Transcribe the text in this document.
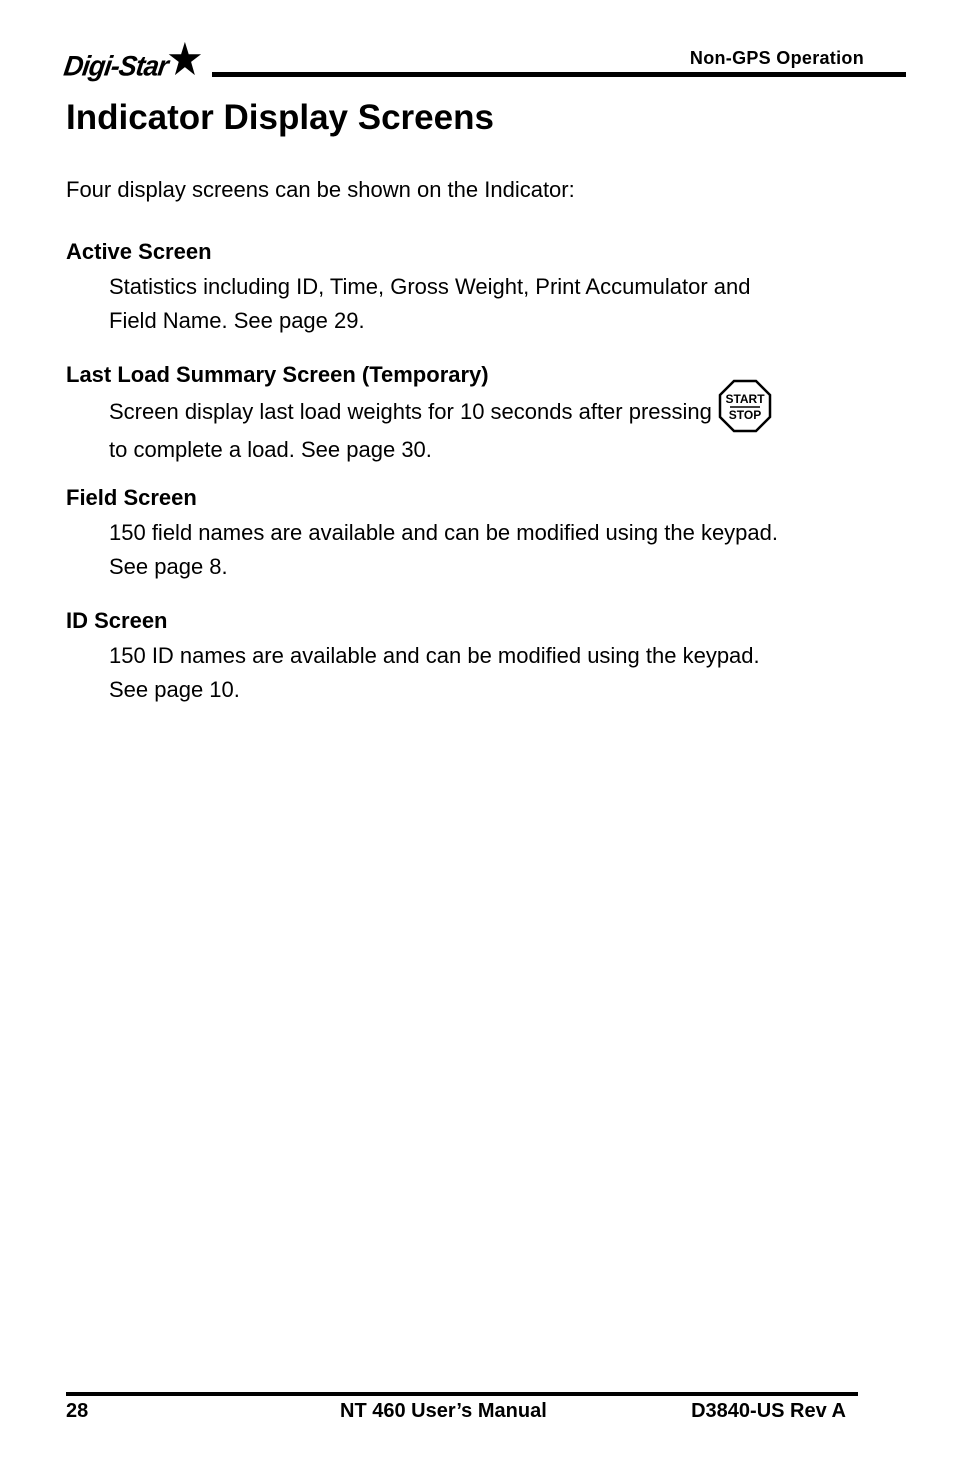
Digi-Star	Non-GPS Operation
Indicator Display Screens

Four display screens can be shown on the Indicator:

Active Screen

Statistics including ID, Time, Gross Weight, Print Accumulator and

Field Name. See page 29.

Last Load Summary Screen (Temporary)

Screen display last load weights for 10 seconds after pressing START
STOP

to complete a load. See page 30.

Field Screen

150 field names are available and can be modified using the keypad.

See page 8.

ID Screen

150 ID names are available and can be modified using the keypad.

See page 10.

28	NT 460 User’s Manual	D3840-US Rev A
